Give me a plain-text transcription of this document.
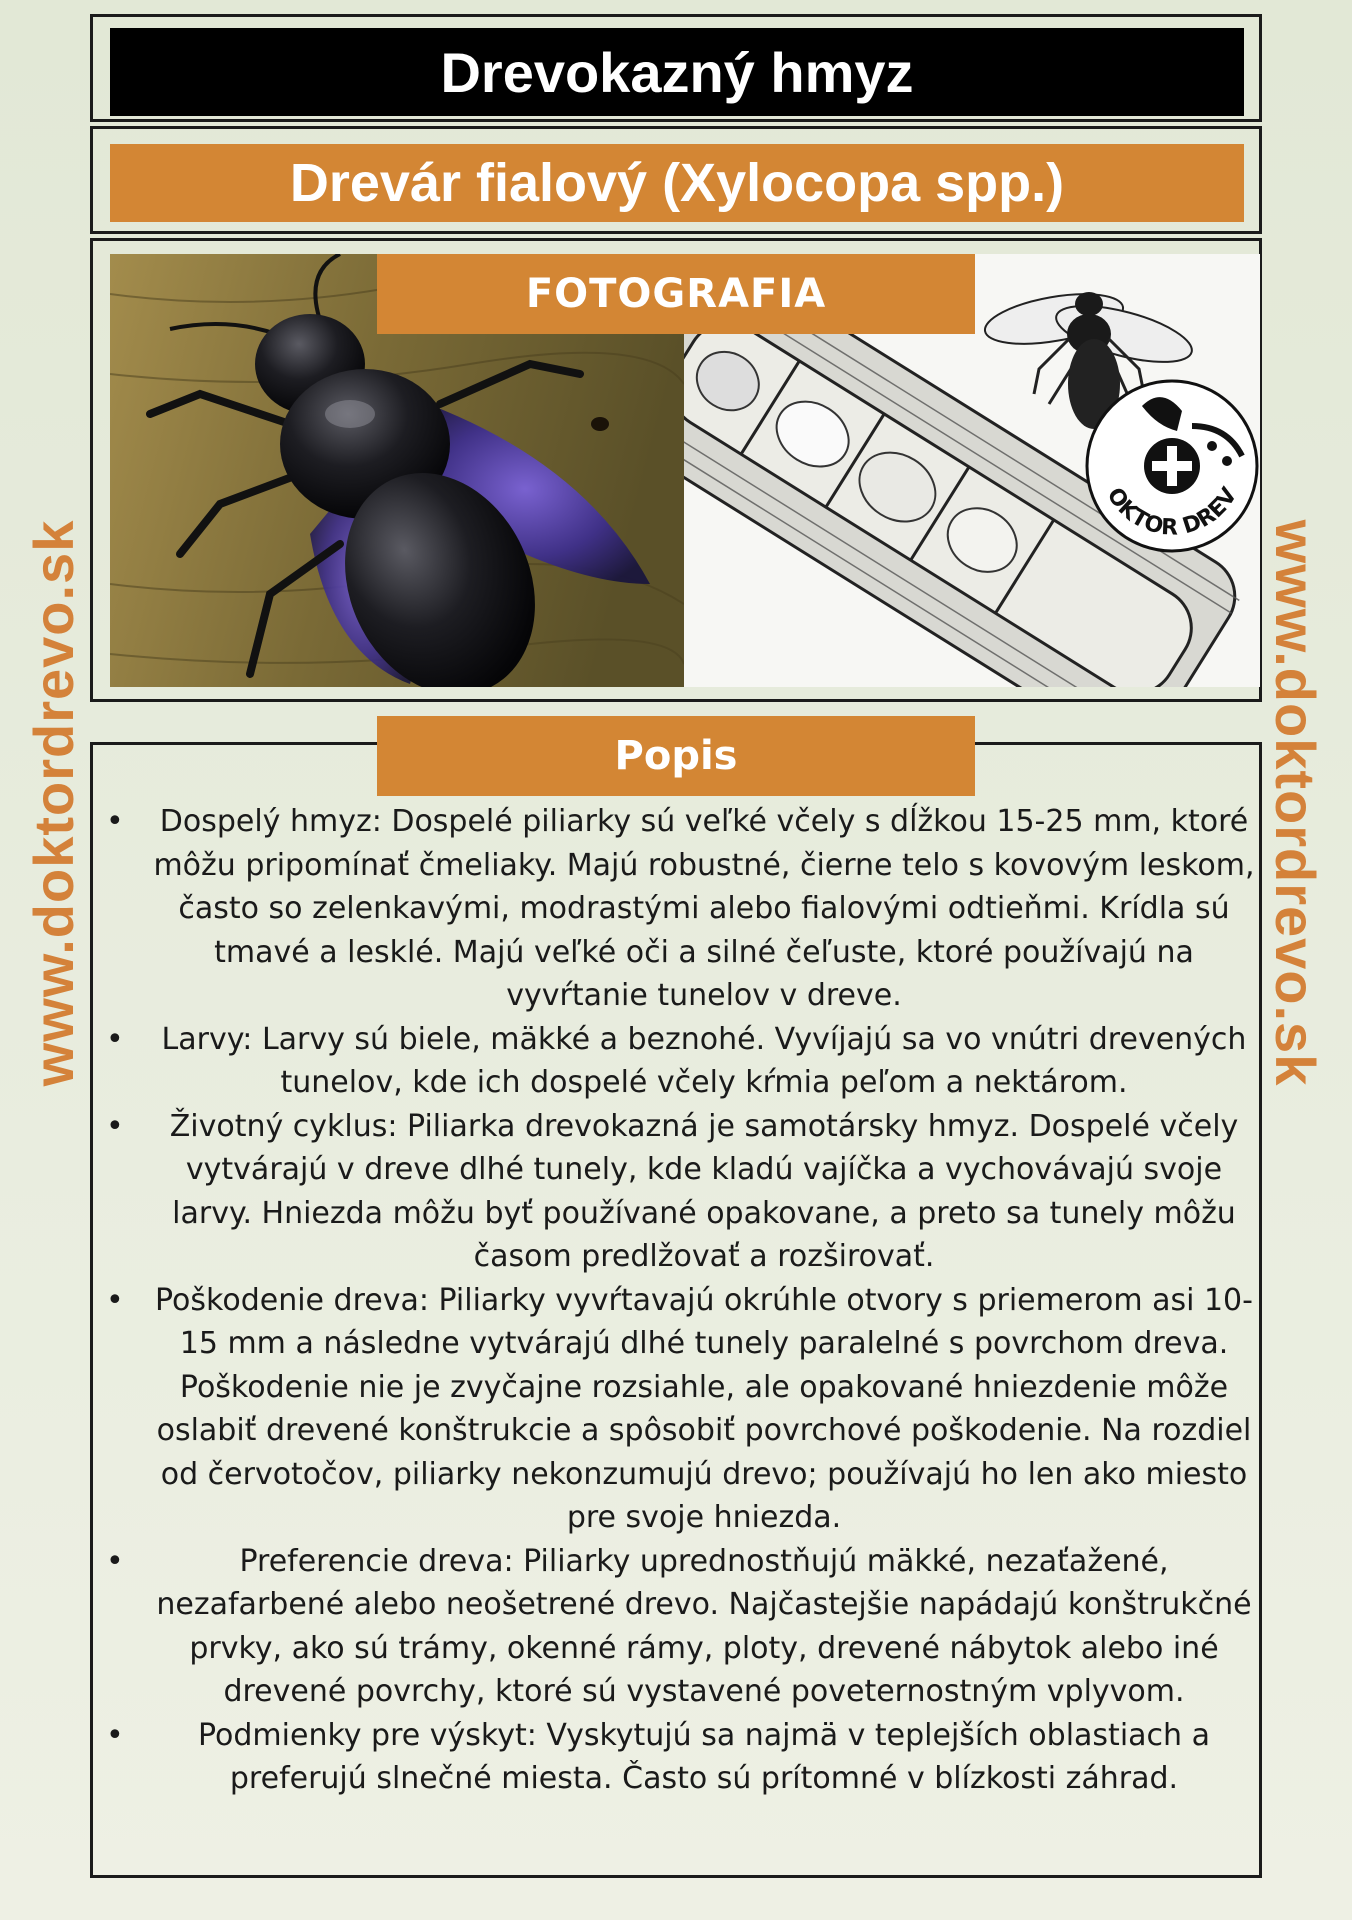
Drevokazný hmyz
Drevár fialový (Xylocopa spp.)
OKTOR DREV
FOTOGRAFIA
Popis
• Dospelý hmyz: Dospelé piliarky sú veľké včely s dĺžkou 15-25 mm, ktoré môžu pripomínať čmeliaky. Majú robustné, čierne telo s kovovým leskom, často so zelenkavými, modrastými alebo fialovými odtieňmi. Krídla sú tmavé a lesklé. Majú veľké oči a silné čeľuste, ktoré používajú na vyvŕtanie tunelov v dreve.
• Larvy: Larvy sú biele, mäkké a beznohé. Vyvíjajú sa vo vnútri drevených tunelov, kde ich dospelé včely kŕmia peľom a nektárom.
• Životný cyklus: Piliarka drevokazná je samotársky hmyz. Dospelé včely vytvárajú v dreve dlhé tunely, kde kladú vajíčka a vychovávajú svoje larvy. Hniezda môžu byť používané opakovane, a preto sa tunely môžu časom predlžovať a rozširovať.
• Poškodenie dreva: Piliarky vyvŕtavajú okrúhle otvory s priemerom asi 10-15 mm a následne vytvárajú dlhé tunely paralelné s povrchom dreva. Poškodenie nie je zvyčajne rozsiahle, ale opakované hniezdenie môže oslabiť drevené konštrukcie a spôsobiť povrchové poškodenie. Na rozdiel od červotočov, piliarky nekonzumujú drevo; používajú ho len ako miesto pre svoje hniezda.
•	Preferencie dreva: Piliarky uprednostňujú mäkké, nezaťažené, nezafarbené alebo neošetrené drevo. Najčastejšie napádajú konštrukčné prvky, ako sú trámy, okenné rámy, ploty, drevené nábytok alebo iné drevené povrchy, ktoré sú vystavené poveternostným vplyvom.
• Podmienky pre výskyt: Vyskytujú sa najmä v teplejších oblastiach a preferujú slnečné miesta. Často sú prítomné v blízkosti záhrad.
www.doktordrevo.sk	www.doktordrevo.sk
